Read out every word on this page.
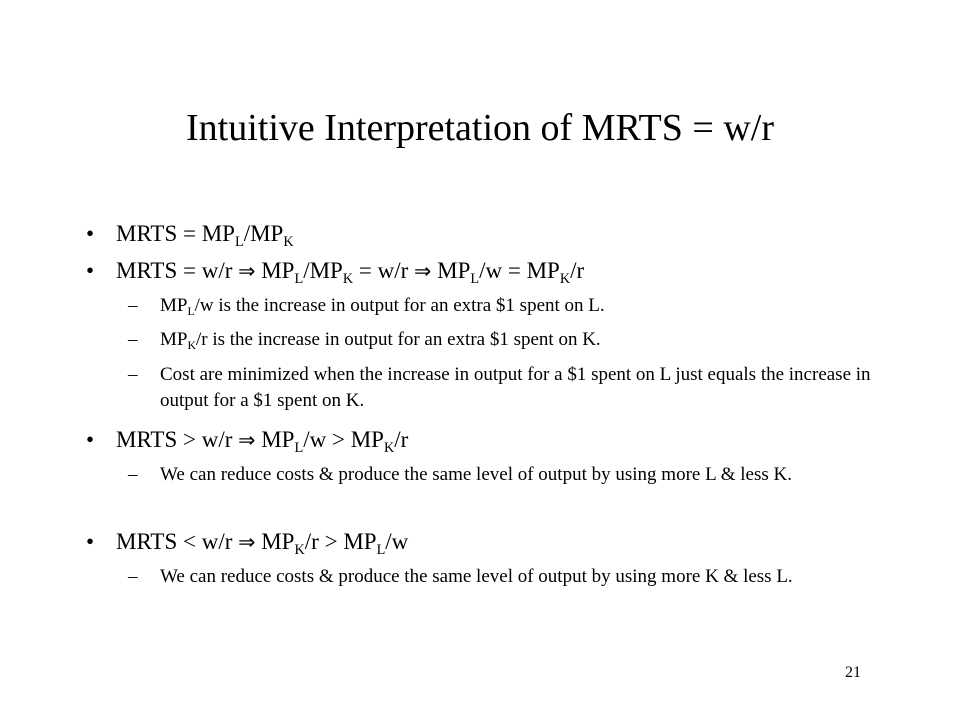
Intuitive Interpretation of MRTS = w/r
• MRTS = $MP_L/MP_K$
• MRTS = w/r ⇒ $MP_L/MP_K = w/r$ ⇒ $MP_L/w = MP_K/r$
– $MP_L/w$ is the increase in output for an extra $1 spent on L.
– $MP_K/r$ is the increase in output for an extra $1 spent on K.
– Cost are minimized when the increase in output for a $1 spent on L just equals the increase in output for a $1 spent on K.
• MRTS > w/r ⇒ $MP_L/w > MP_K/r$
– We can reduce costs & produce the same level of output by using more L & less K.
• MRTS < w/r ⇒ $MP_K/r > MP_L/w$
– We can reduce costs & produce the same level of output by using more K & less L.
21
